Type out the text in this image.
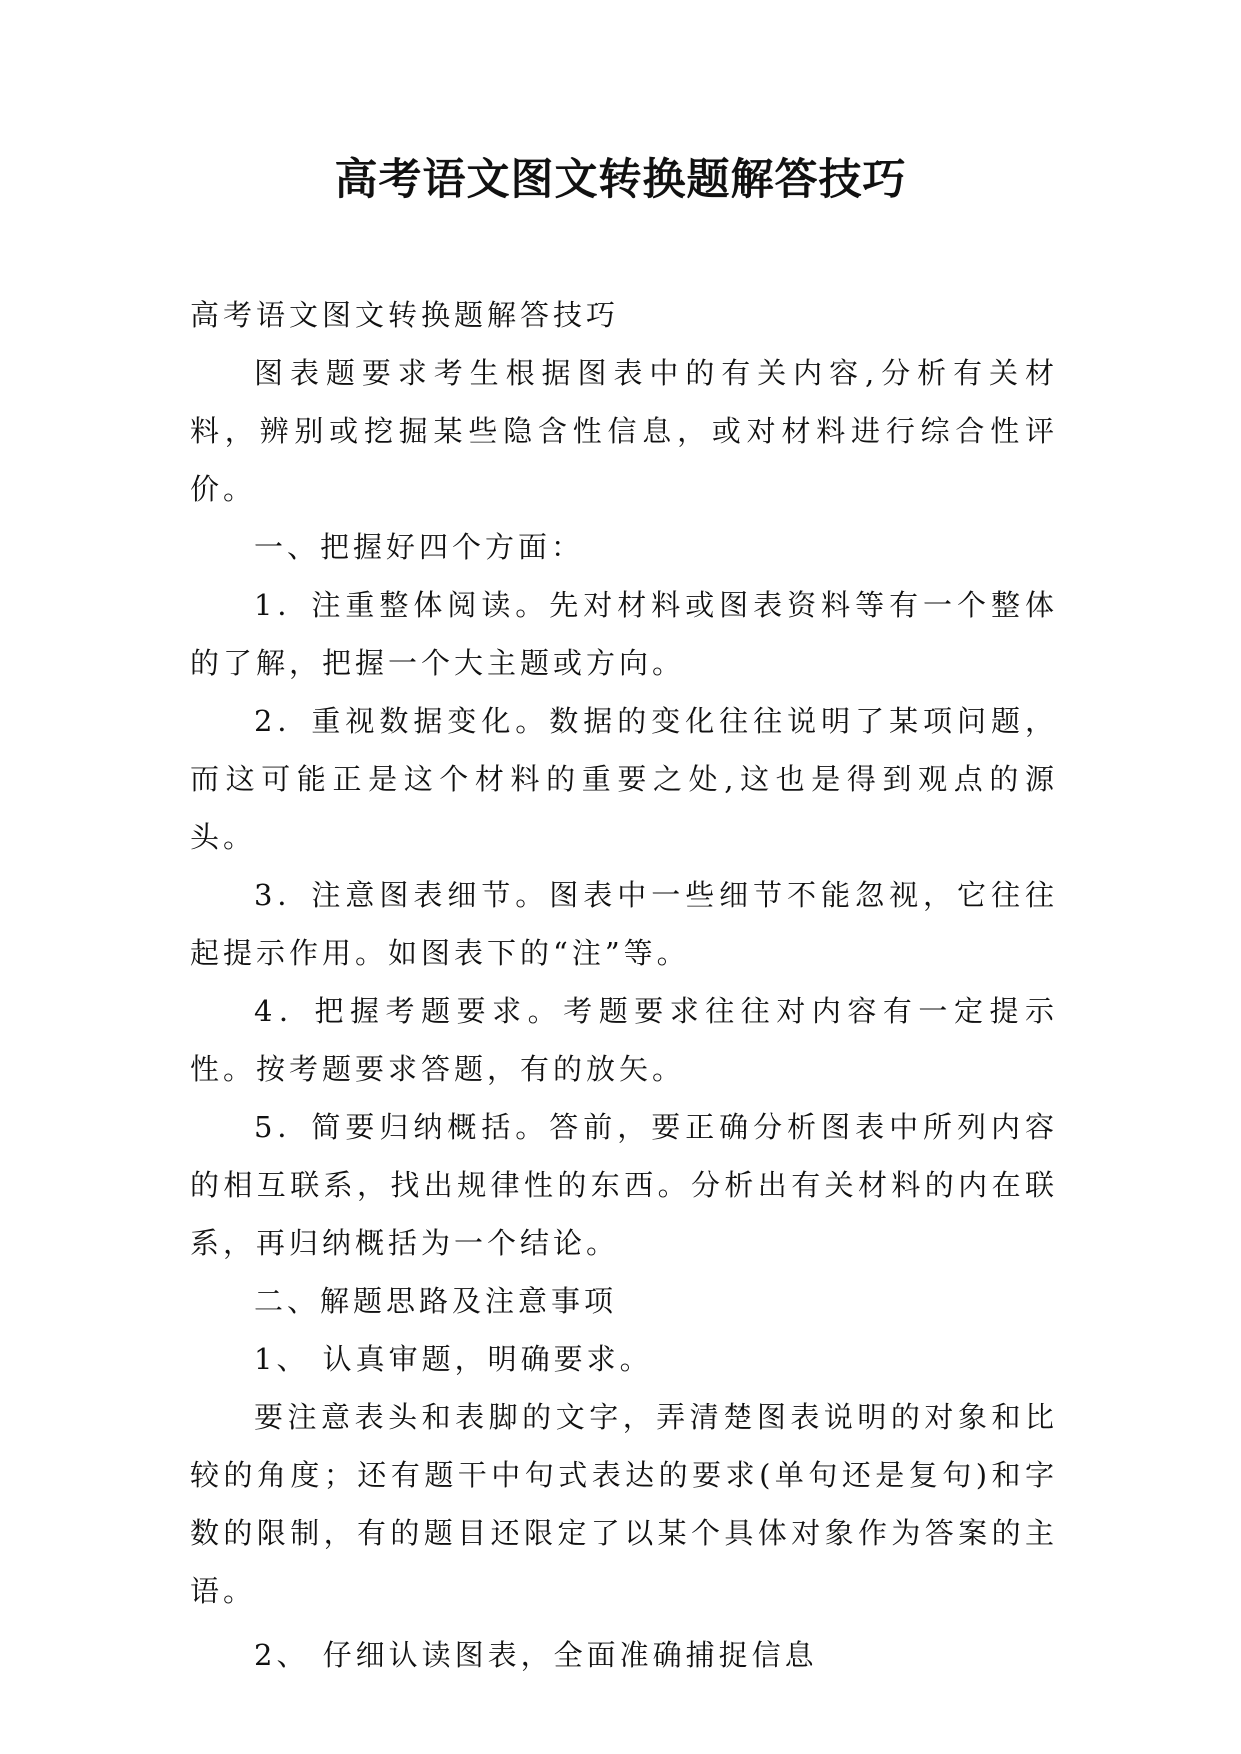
高考语文图文转换题解答技巧

高考语文图文转换题解答技巧

图表题要求考生根据图表中的有关内容,分析有关材料，辨别或挖掘某些隐含性信息，或对材料进行综合性评价。

一、把握好四个方面：

1．注重整体阅读。先对材料或图表资料等有一个整体的了解，把握一个大主题或方向。

2．重视数据变化。数据的变化往往说明了某项问题，而这可能正是这个材料的重要之处,这也是得到观点的源头。

3．注意图表细节。图表中一些细节不能忽视，它往往起提示作用。如图表下的“注”等。

4．把握考题要求。考题要求往往对内容有一定提示性。按考题要求答题，有的放矢。

5．简要归纳概括。答前，要正确分析图表中所列内容的相互联系，找出规律性的东西。分析出有关材料的内在联系，再归纳概括为一个结论。

二、解题思路及注意事项

1、 认真审题，明确要求。

要注意表头和表脚的文字，弄清楚图表说明的对象和比较的角度；还有题干中句式表达的要求(单句还是复句)和字数的限制，有的题目还限定了以某个具体对象作为答案的主语。

2、 仔细认读图表，全面准确捕捉信息
